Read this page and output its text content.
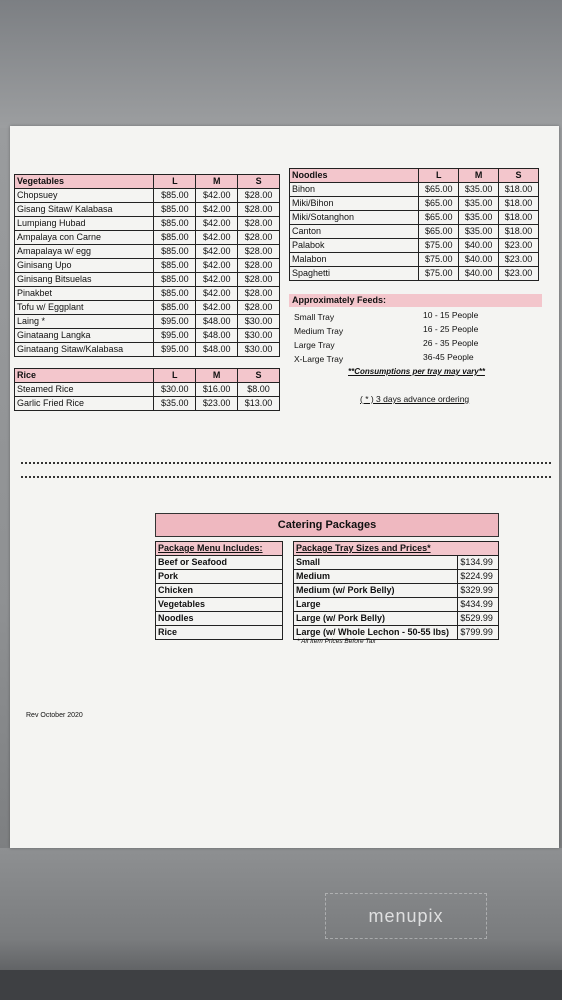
Vegetables	L	M	S
Chopsuey	$85.00	$42.00	$28.00
Gisang Sitaw/ Kalabasa	$85.00	$42.00	$28.00
Lumpiang Hubad	$85.00	$42.00	$28.00
Ampalaya con Carne	$85.00	$42.00	$28.00
Amapalaya w/ egg	$85.00	$42.00	$28.00
Ginisang Upo	$85.00	$42.00	$28.00
Ginisang Bitsuelas	$85.00	$42.00	$28.00
Pinakbet	$85.00	$42.00	$28.00
Tofu w/ Eggplant	$85.00	$42.00	$28.00
Laing *	$95.00	$48.00	$30.00
Ginataang Langka	$95.00	$48.00	$30.00
Ginataang Sitaw/Kalabasa	$95.00	$48.00	$30.00
Rice	L	M	S
Steamed Rice	$30.00	$16.00	$8.00
Garlic Fried Rice	$35.00	$23.00	$13.00
Noodles	L	M	S
Bihon	$65.00	$35.00	$18.00
Miki/Bihon	$65.00	$35.00	$18.00
Miki/Sotanghon	$65.00	$35.00	$18.00
Canton	$65.00	$35.00	$18.00
Palabok	$75.00	$40.00	$23.00
Malabon	$75.00	$40.00	$23.00
Spaghetti	$75.00	$40.00	$23.00
Approximately Feeds:
Small Tray	10 - 15 People
Medium Tray	16 - 25 People
Large Tray	26 - 35 People
X-Large Tray	36-45 People
**Consumptions per tray may vary**
( * ) 3 days advance ordering
Catering Packages
Package Menu Includes:
Beef or Seafood
Pork
Chicken
Vegetables
Noodles
Rice
Package Tray Sizes and Prices*	
Small	$134.99
Medium	$224.99
Medium (w/ Pork Belly)	$329.99
Large	$434.99
Large (w/ Pork Belly)	$529.99
Large (w/ Whole Lechon - 50-55 lbs)	$799.99
* All Item Prices Before Tax
Rev October 2020
menupix
